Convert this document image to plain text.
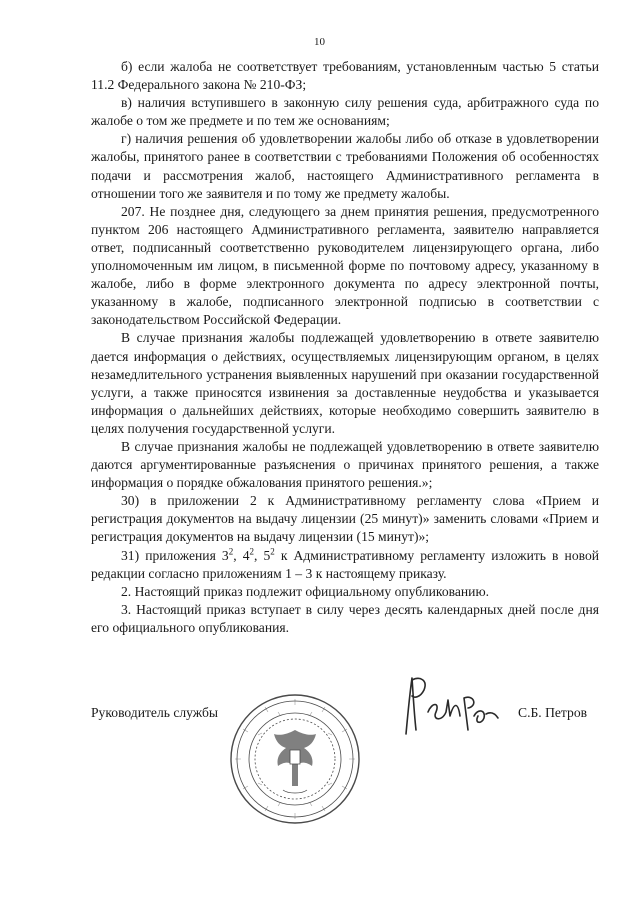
10

б) если жалоба не соответствует требованиям, установленным частью 5 статьи 11.2 Федерального закона № 210-ФЗ;

в) наличия вступившего в законную силу решения суда, арбитражного суда по жалобе о том же предмете и по тем же основаниям;

г) наличия решения об удовлетворении жалобы либо об отказе в удовлетворении жалобы, принятого ранее в соответствии с требованиями Положения об особенностях подачи и рассмотрения жалоб, настоящего Административного регламента в отношении того же заявителя и по тому же предмету жалобы.

207. Не позднее дня, следующего за днем принятия решения, предусмотренного пунктом 206 настоящего Административного регламента, заявителю направляется ответ, подписанный соответственно руководителем лицензирующего органа, либо уполномоченным им лицом, в письменной форме по почтовому адресу, указанному в жалобе, либо в форме электронного документа по адресу электронной почты, указанному в жалобе, подписанного электронной подписью в соответствии с законодательством Российской Федерации.

В случае признания жалобы подлежащей удовлетворению в ответе заявителю дается информация о действиях, осуществляемых лицензирующим органом, в целях незамедлительного устранения выявленных нарушений при оказании государственной услуги, а также приносятся извинения за доставленные неудобства и указывается информация о дальнейших действиях, которые необходимо совершить заявителю в целях получения государственной услуги.

В случае признания жалобы не подлежащей удовлетворению в ответе заявителю даются аргументированные разъяснения о причинах принятого решения, а также информация о порядке обжалования принятого решения.»;

30) в приложении 2 к Административному регламенту слова «Прием и регистрация документов на выдачу лицензии (25 минут)» заменить словами «Прием и регистрация документов на выдачу лицензии (15 минут)»;

31) приложения $3^2$, $4^2$, $5^2$ к Административному регламенту изложить в новой редакции согласно приложениям 1 – 3 к настоящему приказу.

2. Настоящий приказ подлежит официальному опубликованию.

3. Настоящий приказ вступает в силу через десять календарных дней после дня его официального опубликования.

Руководитель службы	С.Б. Петров
